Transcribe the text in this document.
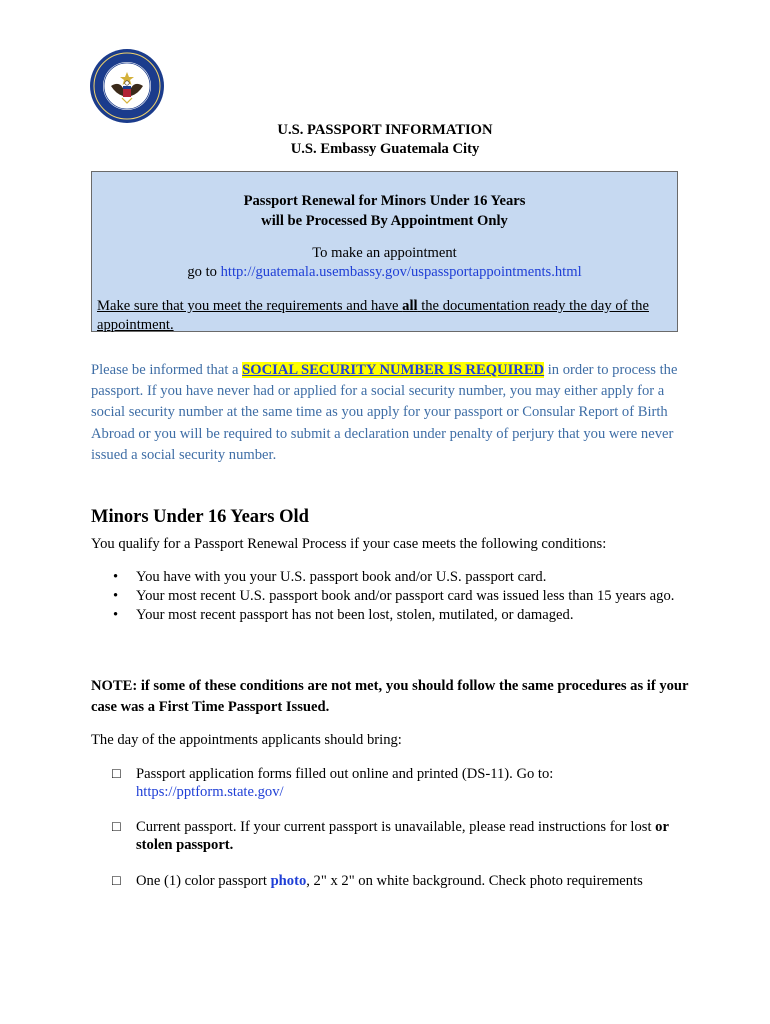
U.S. PASSPORT INFORMATION
U.S. Embassy Guatemala City
Passport Renewal for Minors Under 16 Years
will be Processed By Appointment Only
To make an appointment
go to http://guatemala.usembassy.gov/uspassportappointments.html
Make sure that you meet the requirements and have all the documentation ready the day of the appointment.
Please be informed that a SOCIAL SECURITY NUMBER IS REQUIRED in order to process the passport. If you have never had or applied for a social security number, you may either apply for a social security number at the same time as you apply for your passport or Consular Report of Birth Abroad or you will be required to submit a declaration under penalty of perjury that you were never issued a social security number.
Minors Under 16 Years Old
You qualify for a Passport Renewal Process if your case meets the following conditions:
• You have with you your U.S. passport book and/or U.S. passport card.
• Your most recent U.S. passport book and/or passport card was issued less than 15 years ago.
• Your most recent passport has not been lost, stolen, mutilated, or damaged.
NOTE: if some of these conditions are not met, you should follow the same procedures as if your case was a First Time Passport Issued.
The day of the appointments applicants should bring:
□ Passport application forms filled out online and printed (DS-11). Go to:
https://pptform.state.gov/
□ Current passport. If your current passport is unavailable, please read instructions for lost or stolen passport.
□ One (1) color passport photo, 2" x 2" on white background. Check photo requirements
